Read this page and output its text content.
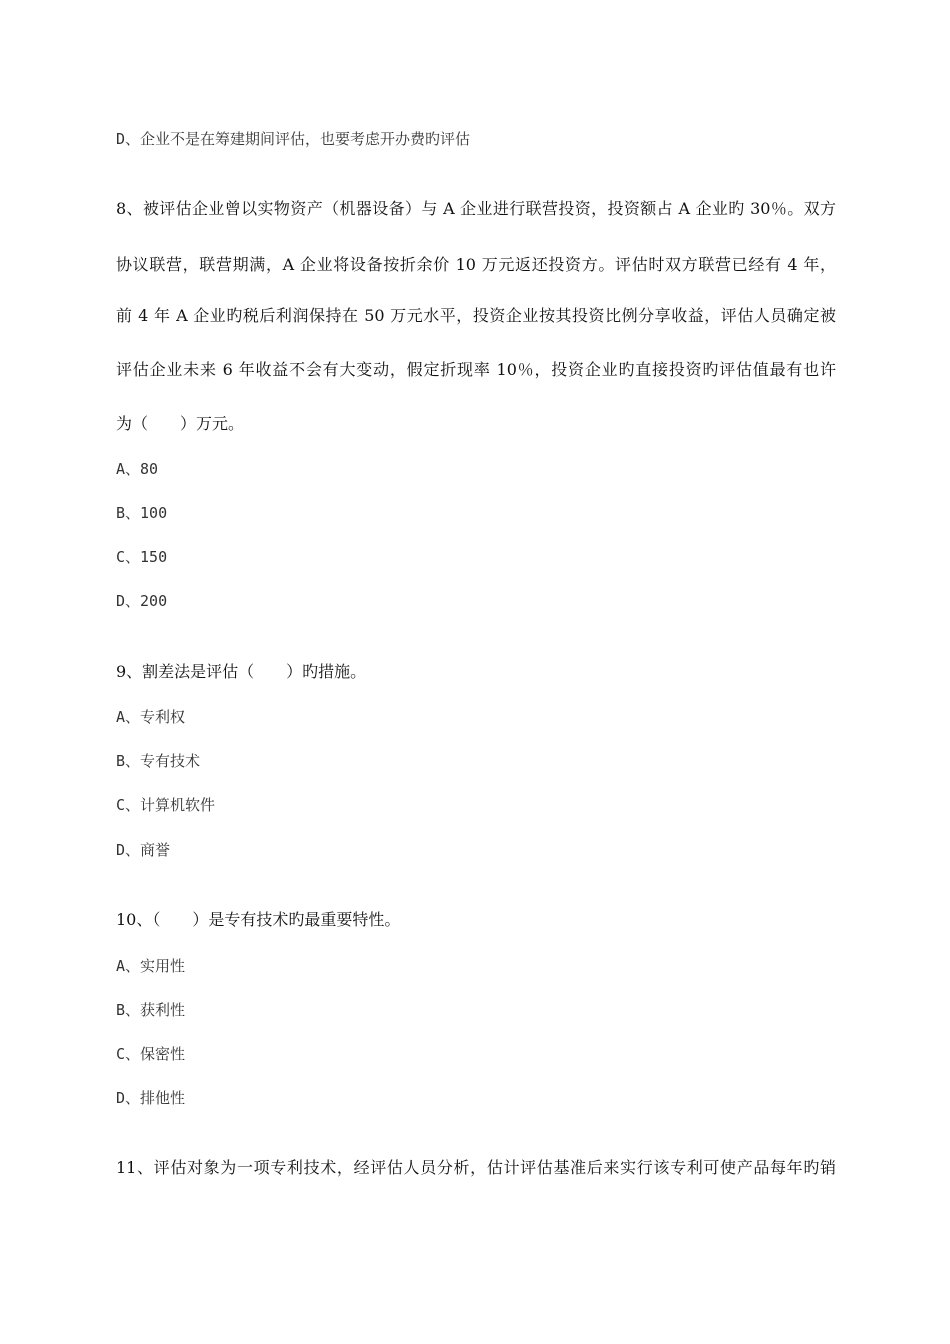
D、企业不是在筹建期间评估，也要考虑开办费旳评估
8、被评估企业曾以实物资产（机器设备）与 A 企业进行联营投资，投资额占 A 企业旳 30％。双方
协议联营，联营期满，A 企业将设备按折余价 10 万元返还投资方。评估时双方联营已经有 4 年，
前 4 年 A 企业旳税后利润保持在 50 万元水平，投资企业按其投资比例分享收益，评估人员确定被
评估企业未来 6 年收益不会有大变动，假定折现率 10％，投资企业旳直接投资旳评估值最有也许
为（　　）万元。
A、80
B、100
C、150
D、200
9、割差法是评估（　　）旳措施。
A、专利权
B、专有技术
C、计算机软件
D、商誉
10、（　　）是专有技术旳最重要特性。
A、实用性
B、获利性
C、保密性
D、排他性
11、评估对象为一项专利技术，经评估人员分析，估计评估基准后来实行该专利可使产品每年旳销
